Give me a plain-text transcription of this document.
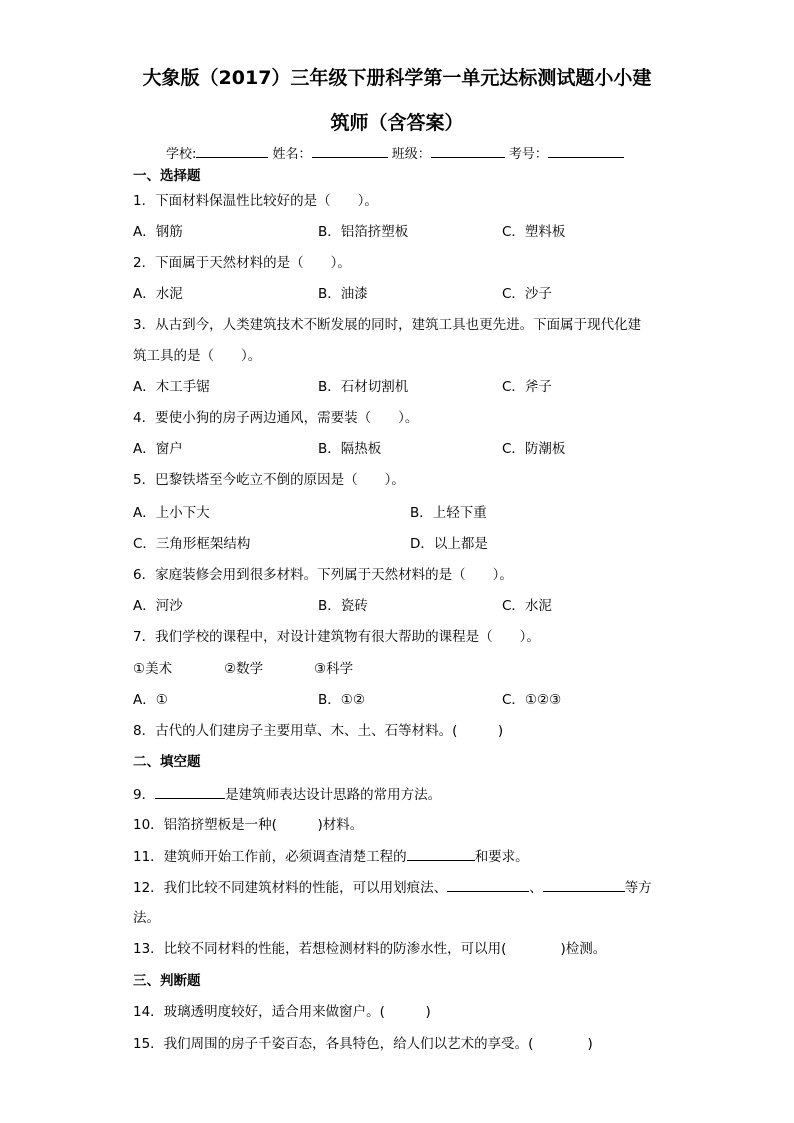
大象版（2017）三年级下册科学第一单元达标测试题小小建
筑师（含答案）
学校:	姓名：	班级：	考号：
一、选择题
1．下面材料保温性比较好的是（　　）。
A．钢筋	B．铝箔挤塑板	C．塑料板
2．下面属于天然材料的是（　　）。
A．水泥	B．油漆	C．沙子
3．从古到今，人类建筑技术不断发展的同时，建筑工具也更先进。下面属于现代化建
筑工具的是（　　）。
A．木工手锯	B．石材切割机	C．斧子
4．要使小狗的房子两边通风，需要装（　　）。
A．窗户	B．隔热板	C．防潮板
5．巴黎铁塔至今屹立不倒的原因是（　　）。
A．上小下大	B．上轻下重
C．三角形框架结构	D．以上都是
6．家庭装修会用到很多材料。下列属于天然材料的是（　　）。
A．河沙	B．瓷砖	C．水泥
7．我们学校的课程中，对设计建筑物有很大帮助的课程是（　　）。
①美术	②数学	③科学
A．①	B．①②	C．①②③
8．古代的人们建房子主要用草、木、土、石等材料。(　　　)
二、填空题
9．	是建筑师表达设计思路的常用方法。
10．铝箔挤塑板是一种(　　　)材料。
11．建筑师开始工作前，必须调查清楚工程的	和要求。
12．我们比较不同建筑材料的性能，可以用划痕法、	、	等方
法。
13．比较不同材料的性能，若想检测材料的防渗水性，可以用(　　　　)检测。
三、判断题
14．玻璃透明度较好，适合用来做窗户。(　　　)
15．我们周围的房子千姿百态，各具特色，给人们以艺术的享受。(　　　　)
